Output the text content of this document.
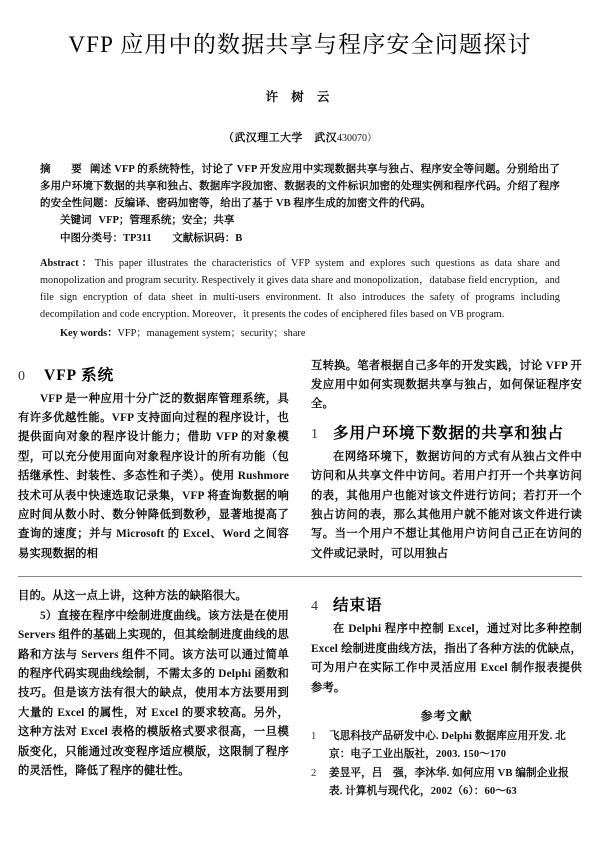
VFP 应用中的数据共享与程序安全问题探讨
许 树 云
（武汉理工大学　武汉430070）
摘　要 阐述 VFP 的系统特性，讨论了 VFP 开发应用中实现数据共享与独占、程序安全等问题。分别给出了多用户环境下数据的共享和独占、数据库字段加密、数据表的文件标识加密的处理实例和程序代码。介绍了程序的安全性问题：反编译、密码加密等，给出了基于 VB 程序生成的加密文件的代码。
关键词 VFP；管理系统；安全；共享
中图分类号：TP311 文献标识码：B
Abstract：This paper illustrates the characteristics of VFP system and explores such questions as data share and monopolization and program security. Respectively it gives data share and monopolization，database field encryption，and file sign encryption of data sheet in multi-users environment. It also introduces the safety of programs including decompilation and code encryption. Moreover，it presents the codes of enciphered files based on VB program.
Key words：VFP；management system；security；share
0	VFP 系统

VFP 是一种应用十分广泛的数据库管理系统，具有许多优越性能。VFP 支持面向过程的程序设计，也提供面向对象的程序设计能力；借助 VFP 的对象模型，可以充分使用面向对象程序设计的所有功能（包括继承性、封装性、多态性和子类）。使用 Rushmore 技术可从表中快速选取记录集，VFP 将查询数据的响应时间从数小时、数分钟降低到数秒，显著地提高了查询的速度；并与 Microsoft 的 Excel、Word 之间容易实现数据的相

互转换。笔者根据自己多年的开发实践，讨论 VFP 开发应用中如何实现数据共享与独占，如何保证程序安全。

1 多用户环境下数据的共享和独占

在网络环境下，数据访问的方式有从独占文件中访问和从共享文件中访问。若用户打开一个共享访问的表，其他用户也能对该文件进行访问；若打开一个独占访问的表，那么其他用户就不能对该文件进行读写。当一个用户不想让其他用户访问自己正在访问的文件或记录时，可以用独占

目的。从这一点上讲，这种方法的缺陷很大。

5）直接在程序中绘制进度曲线。该方法是在使用 Servers 组件的基础上实现的，但其绘制进度曲线的思路和方法与 Servers 组件不同。该方法可以通过简单的程序代码实现曲线绘制，不需太多的 Delphi 函数和技巧。但是该方法有很大的缺点，使用本方法要用到大量的 Excel 的属性，对 Excel 的要求较高。另外，这种方法对 Excel 表格的模版格式要求很高，一旦模版变化，只能通过改变程序适应模版，这限制了程序的灵活性，降低了程序的健壮性。

4 结束语

在 Delphi 程序中控制 Excel，通过对比多种控制 Excel 绘制进度曲线方法，指出了各种方法的优缺点，可为用户在实际工作中灵活应用 Excel 制作报表提供参考。

参考文献
1	飞思科技产品研发中心. Delphi 数据库应用开发. 北京：电子工业出版社，2003. 150～170
2	姜昱平，吕　强，李沐华. 如何应用 VB 编制企业报表. 计算机与现代化，2002（6）：60～63
